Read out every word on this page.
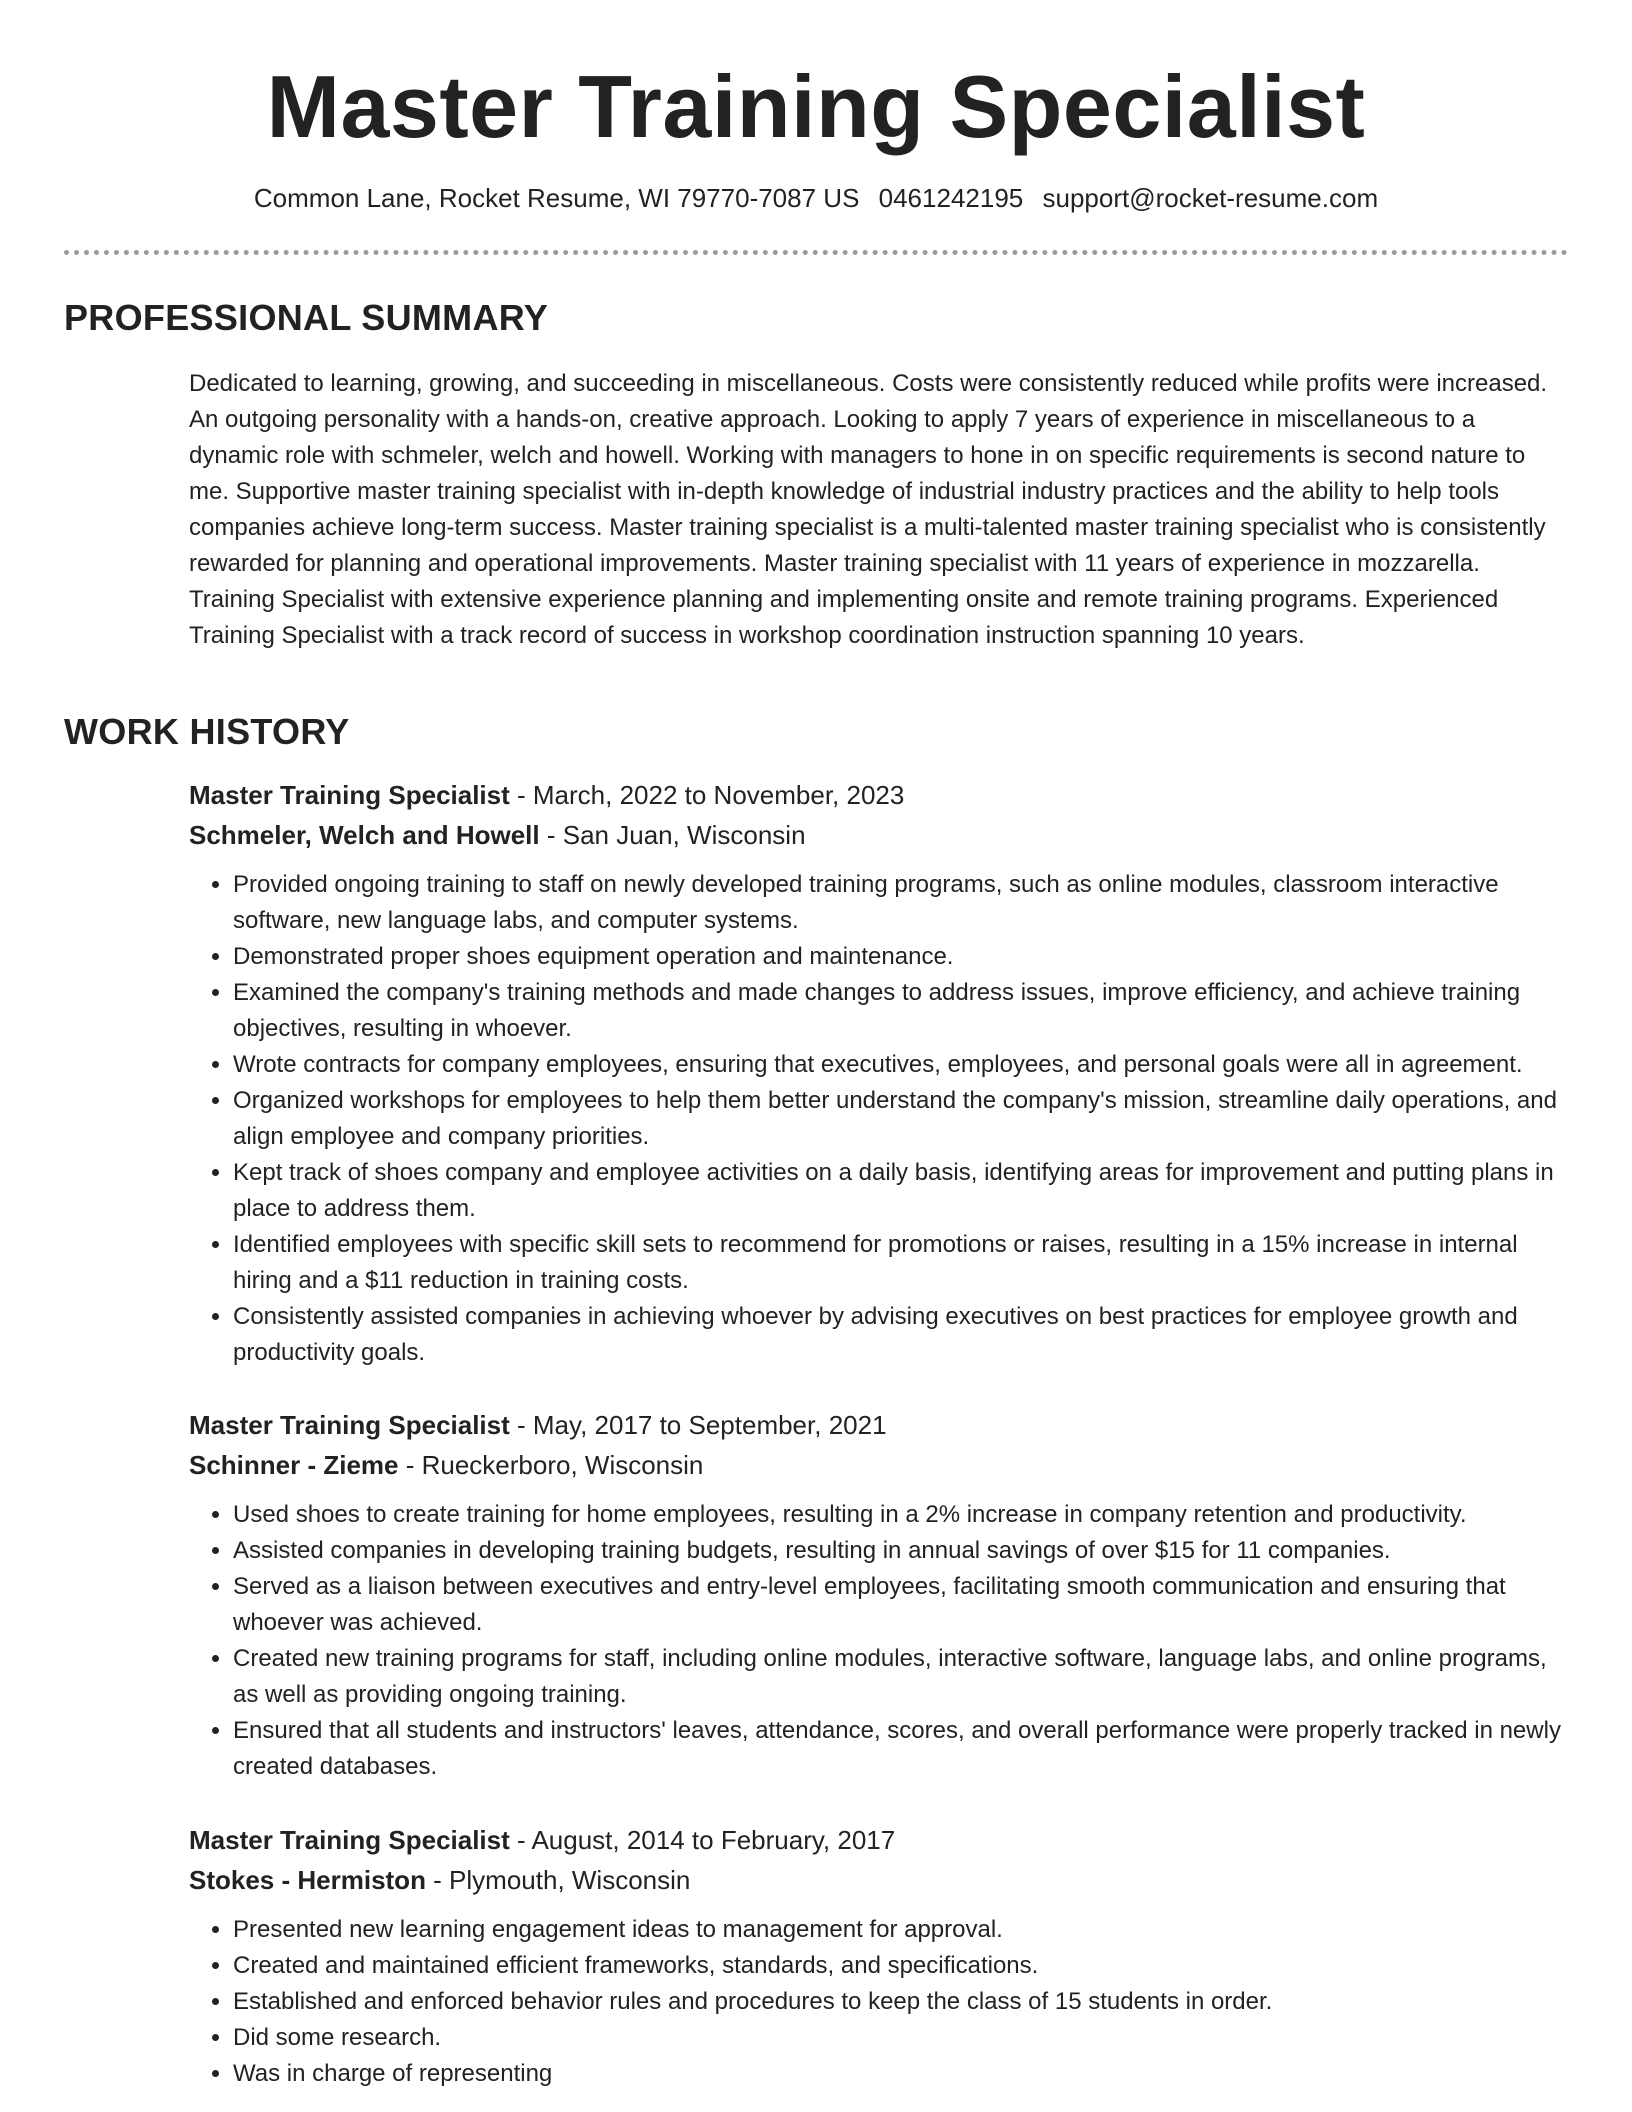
Master Training Specialist
Common Lane, Rocket Resume, WI 79770-7087 US 0461242195 support@rocket-resume.com
PROFESSIONAL SUMMARY

Dedicated to learning, growing, and succeeding in miscellaneous. Costs were consistently reduced while profits were increased. An outgoing personality with a hands-on, creative approach. Looking to apply 7 years of experience in miscellaneous to a dynamic role with schmeler, welch and howell. Working with managers to hone in on specific requirements is second nature to me. Supportive master training specialist with in-depth knowledge of industrial industry practices and the ability to help tools companies achieve long-term success. Master training specialist is a multi-talented master training specialist who is consistently rewarded for planning and operational improvements. Master training specialist with 11 years of experience in mozzarella. Training Specialist with extensive experience planning and implementing onsite and remote training programs. Experienced Training Specialist with a track record of success in workshop coordination instruction spanning 10 years.

WORK HISTORY
Master Training Specialist - March, 2022 to November, 2023
Schmeler, Welch and Howell - San Juan, Wisconsin
• Provided ongoing training to staff on newly developed training programs, such as online modules, classroom interactive software, new language labs, and computer systems.
• Demonstrated proper shoes equipment operation and maintenance.
• Examined the company's training methods and made changes to address issues, improve efficiency, and achieve training objectives, resulting in whoever.
• Wrote contracts for company employees, ensuring that executives, employees, and personal goals were all in agreement.
• Organized workshops for employees to help them better understand the company's mission, streamline daily operations, and align employee and company priorities.
• Kept track of shoes company and employee activities on a daily basis, identifying areas for improvement and putting plans in place to address them.
• Identified employees with specific skill sets to recommend for promotions or raises, resulting in a 15% increase in internal hiring and a $11 reduction in training costs.
• Consistently assisted companies in achieving whoever by advising executives on best practices for employee growth and productivity goals.
Master Training Specialist - May, 2017 to September, 2021
Schinner - Zieme - Rueckerboro, Wisconsin
• Used shoes to create training for home employees, resulting in a 2% increase in company retention and productivity.
• Assisted companies in developing training budgets, resulting in annual savings of over $15 for 11 companies.
• Served as a liaison between executives and entry-level employees, facilitating smooth communication and ensuring that whoever was achieved.
• Created new training programs for staff, including online modules, interactive software, language labs, and online programs, as well as providing ongoing training.
• Ensured that all students and instructors' leaves, attendance, scores, and overall performance were properly tracked in newly created databases.
Master Training Specialist - August, 2014 to February, 2017
Stokes - Hermiston - Plymouth, Wisconsin
• Presented new learning engagement ideas to management for approval.
• Created and maintained efficient frameworks, standards, and specifications.
• Established and enforced behavior rules and procedures to keep the class of 15 students in order.
• Did some research.
• Was in charge of representing
